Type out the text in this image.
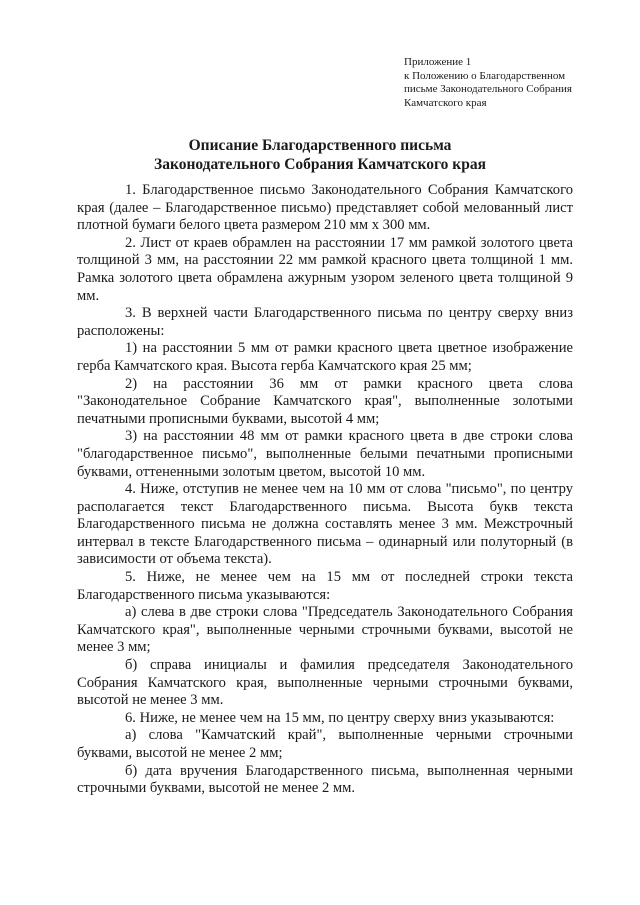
Приложение 1
к Положению о Благодарственном
письме Законодательного Собрания
Камчатского края
Описание Благодарственного письма
Законодательного Собрания Камчатского края

1. Благодарственное письмо Законодательного Собрания Камчатского края (далее – Благодарственное письмо) представляет собой мелованный лист плотной бумаги белого цвета размером 210 мм х 300 мм.

2. Лист от краев обрамлен на расстоянии 17 мм рамкой золотого цвета толщиной 3 мм, на расстоянии 22 мм рамкой красного цвета толщиной 1 мм. Рамка золотого цвета обрамлена ажурным узором зеленого цвета толщиной 9 мм.

3. В верхней части Благодарственного письма по центру сверху вниз расположены:

1) на расстоянии 5 мм от рамки красного цвета цветное изображение герба Камчатского края. Высота герба Камчатского края 25 мм;

2) на расстоянии 36 мм от рамки красного цвета слова "Законодательное Собрание Камчатского края", выполненные золотыми печатными прописными буквами, высотой 4 мм;

3) на расстоянии 48 мм от рамки красного цвета в две строки слова "благодарственное письмо", выполненные белыми печатными прописными буквами, оттененными золотым цветом, высотой 10 мм.

4. Ниже, отступив не менее чем на 10 мм от слова "письмо", по центру располагается текст Благодарственного письма. Высота букв текста Благодарственного письма не должна составлять менее 3 мм. Межстрочный интервал в тексте Благодарственного письма – одинарный или полуторный (в зависимости от объема текста).

5. Ниже, не менее чем на 15 мм от последней строки текста Благодарственного письма указываются:

а) слева в две строки слова "Председатель Законодательного Собрания Камчатского края", выполненные черными строчными буквами, высотой не менее 3 мм;

б) справа инициалы и фамилия председателя Законодательного Собрания Камчатского края, выполненные черными строчными буквами, высотой не менее 3 мм.

6. Ниже, не менее чем на 15 мм, по центру сверху вниз указываются:

а) слова "Камчатский край", выполненные черными строчными буквами, высотой не менее 2 мм;

б) дата вручения Благодарственного письма, выполненная черными строчными буквами, высотой не менее 2 мм.
